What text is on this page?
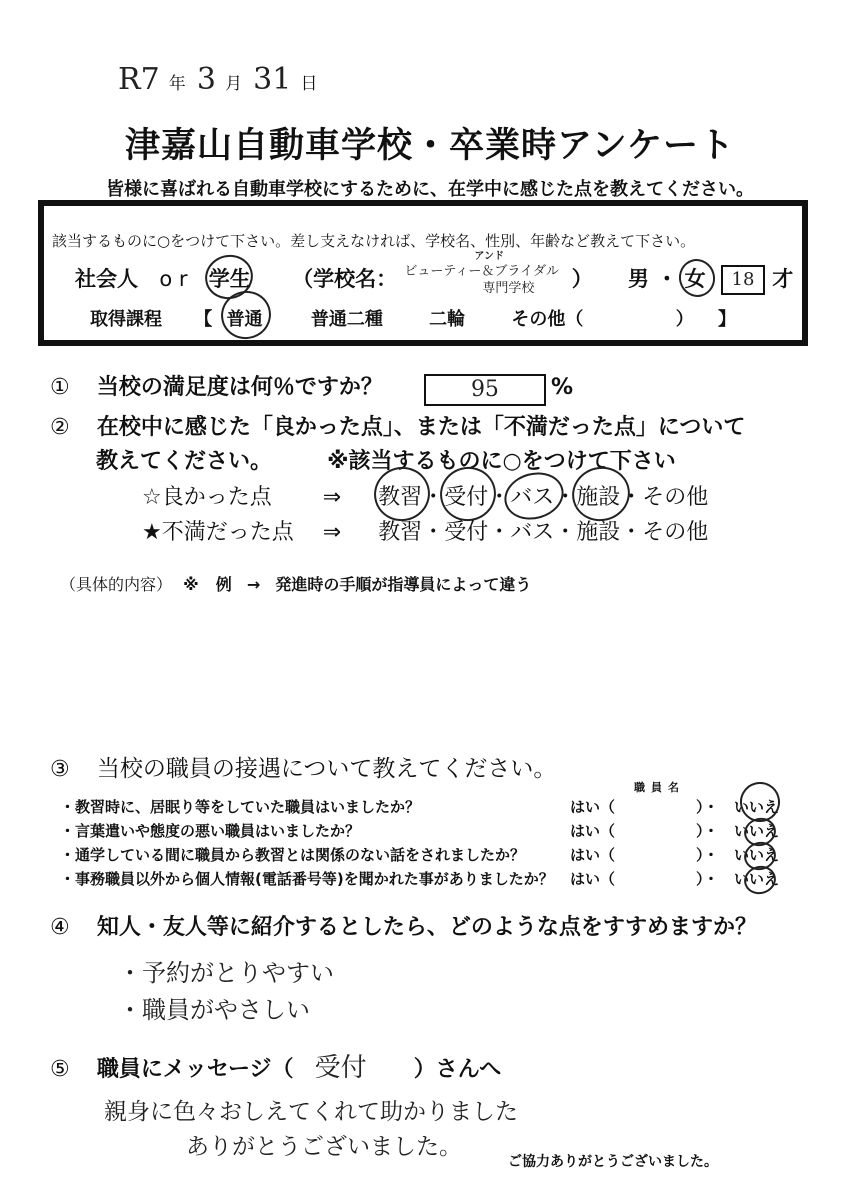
R7 年 3 月 31 日
津嘉山自動車学校・卒業時アンケート
皆様に喜ばれる自動車学校にするために、在学中に感じた点を教えてください。
該当するものに○をつけて下さい。差し支えなければ、学校名、性別、年齢など教えて下さい。
社会人 o r 学生 （学校名：
アンド
ビューティー＆ブライダル
専門学校 ） 男 ・ 女 18 才
取得課程 【 普通	普通二種	二輪	その他（	） 】
① 当校の満足度は何％ですか？	95 %
② 在校中に感じた「良かった点」、または「不満だった点」について
教えてください。	※該当するものに○をつけて下さい
☆良かった点 ⇒ 教習
・受付
・バス
・施設
・その他
★不満だった点 ⇒ 教習・受付・バス・施設・その他
（具体的内容） ※ 例 → 発進時の手順が指導員によって違う
③ 当校の職員の接遇について教えてください。
職員名
・教習時に、居眠り等をしていた職員はいましたか？	はい（	）・ いいえ
・言葉遣いや態度の悪い職員はいましたか？	はい（	）・ いいえ
・通学している間に職員から教習とは関係のない話をされましたか？	はい（	）・ いいえ
・事務職員以外から個人情報(電話番号等)を聞かれた事がありましたか？ はい（	）・ いいえ
④ 知人・友人等に紹介するとしたら、どのような点をすすめますか？
・予約がとりやすい
・職員がやさしい
⑤ 職員にメッセージ（ 受付 ）さんへ
親身に色々おしえてくれて助かりました
ありがとうございました。
ご協力ありがとうございました。
